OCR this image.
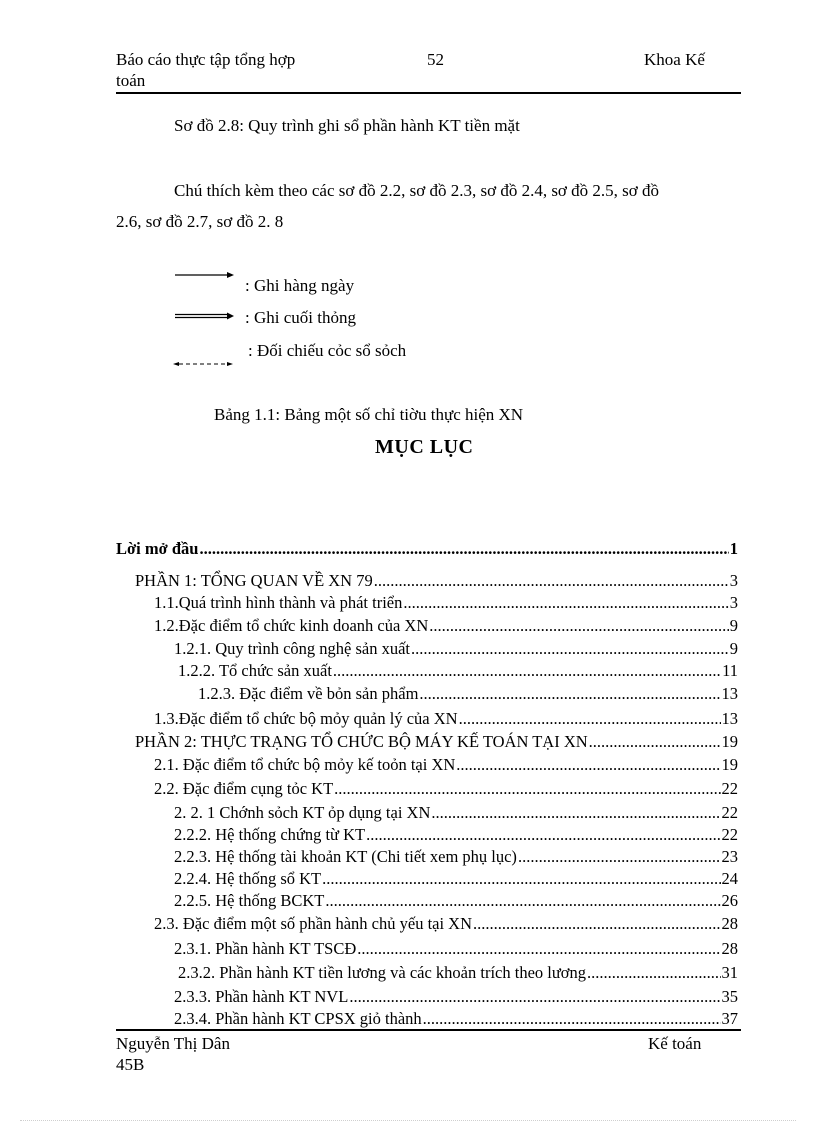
Báo cáo thực tập tổng hợp
toán
52	Khoa Kế
Sơ đồ 2.8: Quy trình ghi sổ phần hành KT tiền mặt
Chú thích kèm theo các sơ đồ 2.2, sơ đồ 2.3, sơ đồ 2.4, sơ đồ 2.5, sơ đồ
2.6, sơ đồ 2.7, sơ đồ 2. 8
: Ghi hàng ngày
: Ghi cuối thỏng
: Đối chiếu cỏc sổ sỏch
Bảng 1.1: Bảng một số chỉ tiờu thực hiện XN
MỤC LỤC
Lời mở đầu .....	1
PHẦN 1: TỔNG QUAN VỀ XN 79 .....	3
1.1.Quá trình hình thành và phát triển .....	3
1.2.Đặc điểm tổ chức kinh doanh của XN .....	9
1.2.1. Quy trình công nghệ sản xuất .....	9
1.2.2. Tổ chức sản xuất .....	11
1.2.3. Đặc điểm về bỏn sản phẩm .....	13
1.3.Đặc điểm tổ chức bộ mỏy quản lý của XN .....	13
PHẦN 2: THỰC TRẠNG TỔ CHỨC BỘ MÁY KẾ TOÁN TẠI XN .....	19
2.1. Đặc điểm tổ chức bộ mỏy kế toỏn tại XN .....	19
2.2. Đặc điểm cụng tỏc KT .....	22
2. 2. 1 Chớnh sỏch KT ỏp dụng tại XN .....	22
2.2.2. Hệ thống chứng từ KT .....	22
2.2.3. Hệ thống tài khoản KT (Chi tiết xem phụ lục) .....	23
2.2.4. Hệ thống sổ KT .....	24
2.2.5. Hệ thống BCKT .....	26
2.3. Đặc điểm một số phần hành chủ yếu tại XN .....	28
2.3.1. Phần hành KT TSCĐ .....	28
2.3.2. Phần hành KT tiền lương và các khoản trích theo lương .....	31
2.3.3. Phần hành KT NVL .....	35
2.3.4. Phần hành KT CPSX giỏ thành .....	37
Nguyễn Thị Dân
45B
Kế toán
